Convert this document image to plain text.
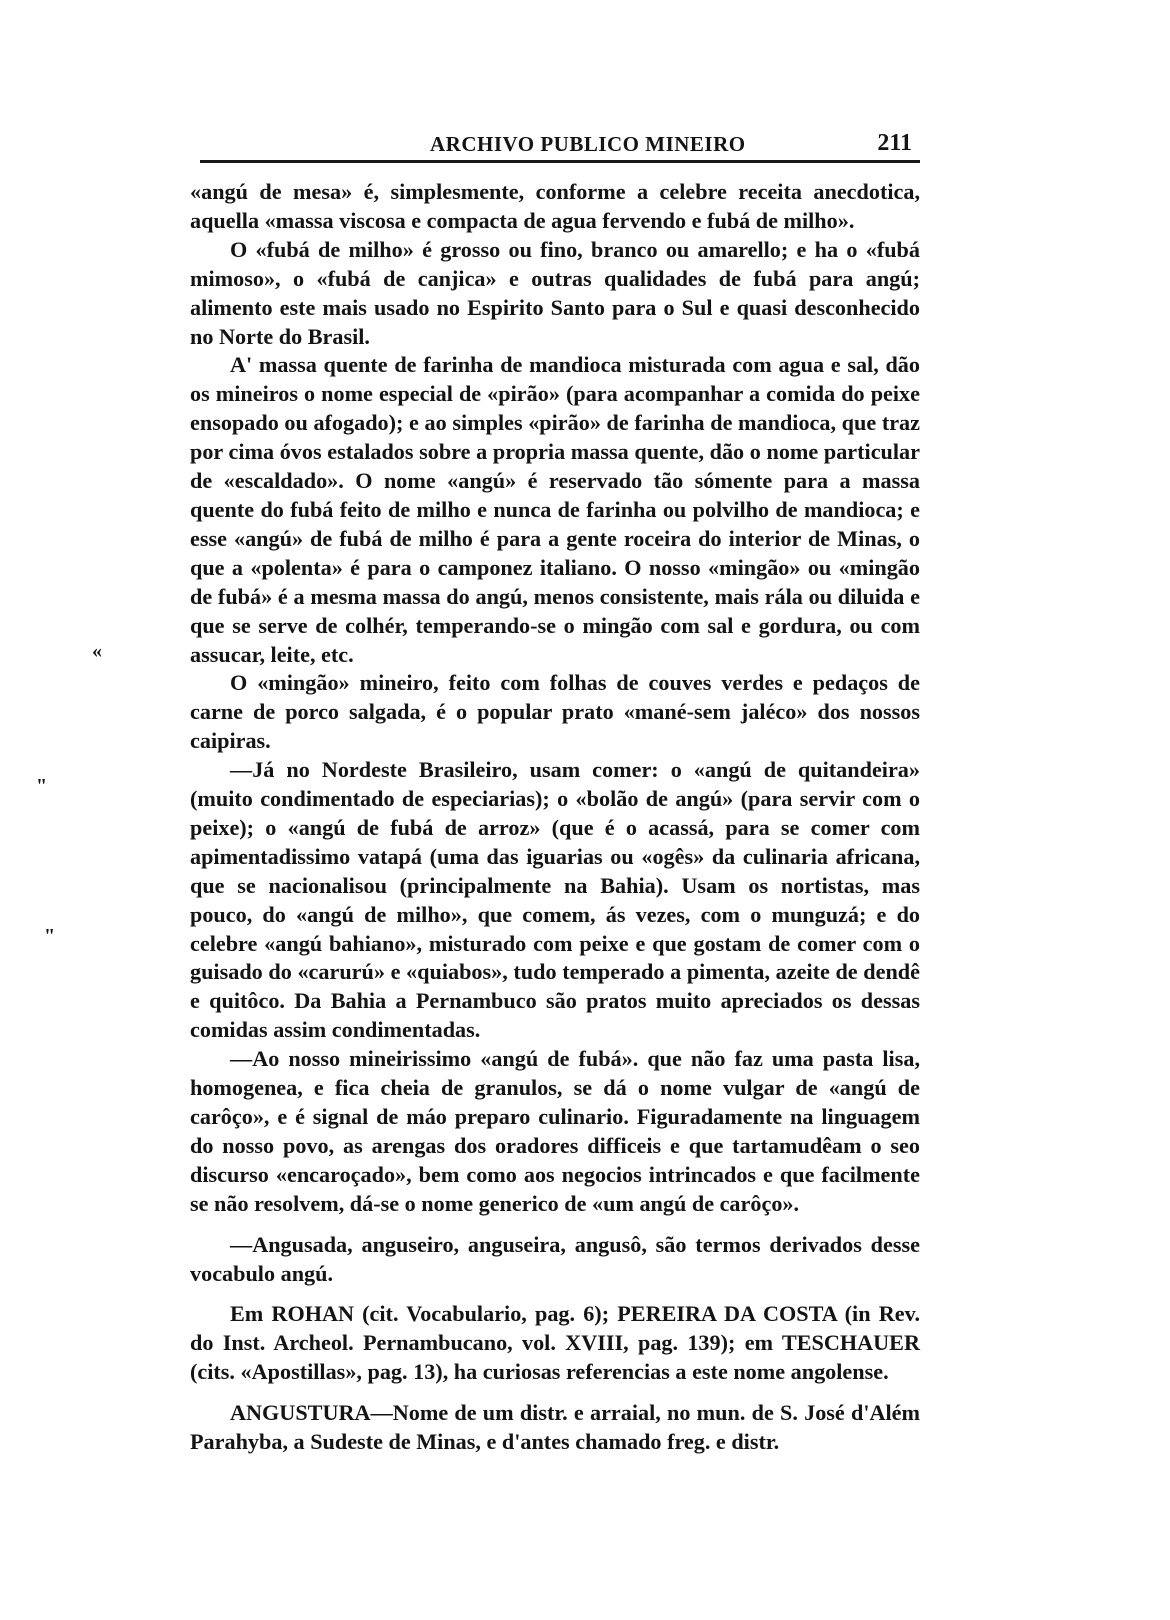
ARCHIVO PUBLICO MINEIRO	211

«angú de mesa» é, simplesmente, conforme a celebre receita anecdotica, aquella «massa viscosa e compacta de agua fervendo e fubá de milho».

O «fubá de milho» é grosso ou fino, branco ou amarello; e ha o «fubá mimoso», o «fubá de canjica» e outras qualidades de fubá para angú; alimento este mais usado no Espirito Santo para o Sul e quasi desconhecido no Norte do Brasil.

A' massa quente de farinha de mandioca misturada com agua e sal, dão os mineiros o nome especial de «pirão» (para acompanhar a comida do peixe ensopado ou afogado); e ao simples «pirão» de farinha de mandioca, que traz por cima óvos estalados sobre a propria massa quente, dão o nome particular de «escaldado». O nome «angú» é reservado tão sómente para a massa quente do fubá feito de milho e nunca de farinha ou polvilho de mandioca; e esse «angú» de fubá de milho é para a gente roceira do interior de Minas, o que a «polenta» é para o camponez italiano. O nosso «mingão» ou «mingão de fubá» é a mesma massa do angú, menos consistente, mais rála ou diluida e que se serve de colhér, temperando-se o mingão com sal e gordura, ou com assucar, leite, etc.

O «mingão» mineiro, feito com folhas de couves verdes e pedaços de carne de porco salgada, é o popular prato «mané-sem jaléco» dos nossos caipiras.

—Já no Nordeste Brasileiro, usam comer: o «angú de quitandeira» (muito condimentado de especiarias); o «bolão de angú» (para servir com o peixe); o «angú de fubá de arroz» (que é o acassá, para se comer com apimentadissimo vatapá (uma das iguarias ou «ogês» da culinaria africana, que se nacionalisou (principalmente na Bahia). Usam os nortistas, mas pouco, do «angú de milho», que comem, ás vezes, com o munguzá; e do celebre «angú bahiano», misturado com peixe e que gostam de comer com o guisado do «carurú» e «quiabos», tudo temperado a pimenta, azeite de dendê e quitôco. Da Bahia a Pernambuco são pratos muito apreciados os dessas comidas assim condimentadas.

—Ao nosso mineirissimo «angú de fubá». que não faz uma pasta lisa, homogenea, e fica cheia de granulos, se dá o nome vulgar de «angú de carôço», e é signal de máo preparo culinario. Figuradamente na linguagem do nosso povo, as arengas dos oradores difficeis e que tartamudêam o seo discurso «encaroçado», bem como aos negocios intrincados e que facilmente se não resolvem, dá-se o nome generico de «um angú de carôço».

—Angusada, anguseiro, anguseira, angusô, são termos derivados desse vocabulo angú.

Em ROHAN (cit. Vocabulario, pag. 6); PEREIRA DA COSTA (in Rev. do Inst. Archeol. Pernambucano, vol. XVIII, pag. 139); em TESCHAUER (cits. «Apostillas», pag. 13), ha curiosas referencias a este nome angolense.

ANGUSTURA—Nome de um distr. e arraial, no mun. de S. José d'Além Parahyba, a Sudeste de Minas, e d'antes chamado freg. e distr.

«
"
"
